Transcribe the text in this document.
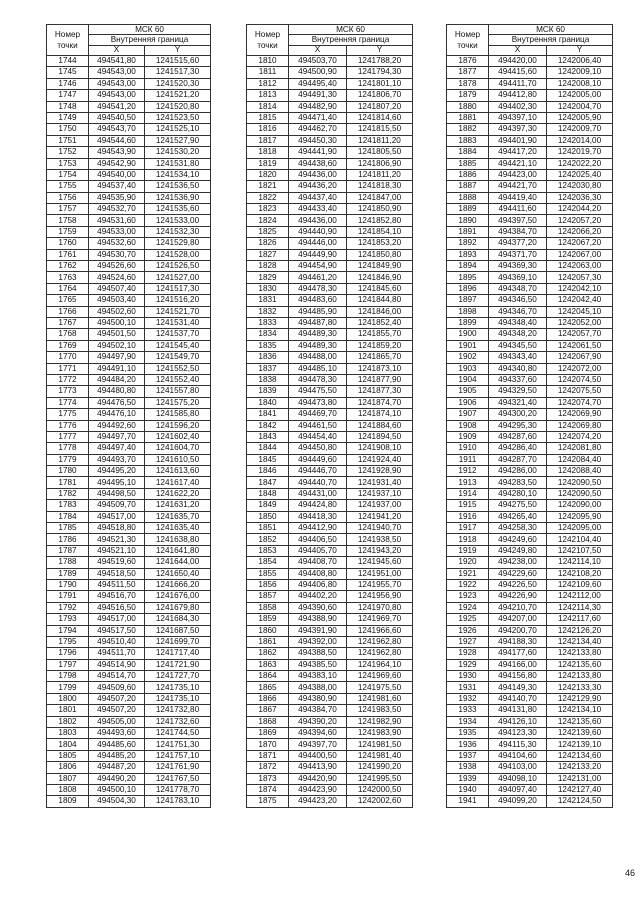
Номер
точки	МСК 60	
	Внутренняя граница	
	X	Y
1744	494541,80	1241515,60
1745	494543,00	1241517,30
1746	494543,00	1241520,30
1747	494543,00	1241521,20
1748	494541,20	1241520,80
1749	494540,50	1241523,50
1750	494543,70	1241525,10
1751	494544,60	1241527,90
1752	494543,90	1241530,20
1753	494542,90	1241531,80
1754	494540,00	1241534,10
1755	494537,40	1241536,50
1756	494535,90	1241536,90
1757	494532,70	1241535,60
1758	494531,60	1241533,00
1759	494533,00	1241532,30
1760	494532,60	1241529,80
1761	494530,70	1241528,00
1762	494526,60	1241526,50
1763	494524,60	1241527,00
1764	494507,40	1241517,30
1765	494503,40	1241516,20
1766	494502,60	1241521,70
1767	494500,10	1241531,40
1768	494501,50	1241537,70
1769	494502,10	1241545,40
1770	494497,90	1241549,70
1771	494491,10	1241552,50
1772	494484,20	1241552,40
1773	494480,80	1241557,80
1774	494476,50	1241575,20
1775	494476,10	1241585,80
1776	494492,60	1241596,20
1777	494497,70	1241602,40
1778	494497,40	1241604,70
1779	494493,70	1241610,50
1780	494495,20	1241613,60
1781	494495,10	1241617,40
1782	494498,50	1241622,20
1783	494509,70	1241631,20
1784	494517,00	1241635,70
1785	494518,80	1241635,40
1786	494521,30	1241638,80
1787	494521,10	1241641,80
1788	494519,60	1241644,00
1789	494518,50	1241650,40
1790	494511,50	1241666,20
1791	494516,70	1241676,00
1792	494516,50	1241679,80
1793	494517,00	1241684,30
1794	494517,50	1241687,50
1795	494510,40	1241699,70
1796	494511,70	1241717,40
1797	494514,90	1241721,90
1798	494514,70	1241727,70
1799	494509,60	1241735,10
1800	494507,20	1241735,10
1801	494507,20	1241732,80
1802	494505,00	1241732,60
1803	494493,60	1241744,50
1804	494485,60	1241751,30
1805	494485,20	1241757,10
1806	494487,20	1241761,90
1807	494490,20	1241767,50
1808	494500,10	1241778,70
1809	494504,30	1241783,10
Номер
точки	МСК 60	
	Внутренняя граница	
	X	Y
1810	494503,70	1241788,20
1811	494500,90	1241794,30
1812	494495,40	1241801,10
1813	494491,30	1241806,70
1814	494482,90	1241807,20
1815	494471,40	1241814,60
1816	494462,70	1241815,50
1817	494450,30	1241811,20
1818	494441,90	1241805,50
1819	494438,60	1241806,90
1820	494436,00	1241811,20
1821	494436,20	1241818,30
1822	494437,40	1241847,00
1823	494433,40	1241850,90
1824	494436,00	1241852,80
1825	494440,90	1241854,10
1826	494446,00	1241853,20
1827	494449,90	1241850,80
1828	494454,90	1241849,90
1829	494461,20	1241846,90
1830	494478,30	1241845,60
1831	494483,60	1241844,80
1832	494485,90	1241846,00
1833	494487,80	1241852,40
1834	494489,30	1241855,70
1835	494489,30	1241859,20
1836	494488,00	1241865,70
1837	494485,10	1241873,10
1838	494478,30	1241877,90
1839	494475,50	1241877,30
1840	494473,80	1241874,70
1841	494469,70	1241874,10
1842	494461,50	1241884,60
1843	494454,40	1241894,50
1844	494450,80	1241908,10
1845	494449,60	1241924,40
1846	494446,70	1241928,90
1847	494440,70	1241931,40
1848	494431,00	1241937,10
1849	494424,80	1241937,00
1850	494418,30	1241941,20
1851	494412,90	1241940,70
1852	494406,50	1241938,50
1853	494405,70	1241943,20
1854	494408,70	1241945,60
1855	494408,80	1241951,00
1856	494406,80	1241955,70
1857	494402,20	1241956,90
1858	494390,60	1241970,80
1859	494388,90	1241969,70
1860	494391,90	1241966,60
1861	494392,00	1241962,80
1862	494388,50	1241962,80
1863	494385,50	1241964,10
1864	494383,10	1241969,60
1865	494388,00	1241975,50
1866	494380,90	1241981,60
1867	494384,70	1241983,50
1868	494390,20	1241982,90
1869	494394,60	1241983,90
1870	494397,70	1241981,50
1871	494400,50	1241981,40
1872	494413,90	1241990,20
1873	494420,90	1241995,50
1874	494423,90	1242000,50
1875	494423,20	1242002,60
Номер
точки	МСК 60	
	Внутренняя граница	
	X	Y
1876	494420,00	1242006,40
1877	494415,60	1242009,10
1878	494411,70	1242008,10
1879	494412,80	1242005,00
1880	494402,30	1242004,70
1881	494397,10	1242005,90
1882	494397,30	1242009,70
1883	494401,90	1242014,00
1884	494417,20	1242019,70
1885	494421,10	1242022,20
1886	494423,00	1242025,40
1887	494421,70	1242030,80
1888	494419,40	1242036,30
1889	494411,60	1242044,20
1890	494397,50	1242057,20
1891	494384,70	1242066,20
1892	494377,20	1242067,20
1893	494371,70	1242067,00
1894	494369,30	1242063,00
1895	494369,10	1242057,30
1896	494348,70	1242042,10
1897	494346,50	1242042,40
1898	494346,70	1242045,10
1899	494348,40	1242052,00
1900	494348,20	1242057,70
1901	494345,50	1242061,50
1902	494343,40	1242067,90
1903	494340,80	1242072,00
1904	494337,60	1242074,50
1905	494329,50	1242075,50
1906	494321,40	1242074,70
1907	494300,20	1242069,90
1908	494295,30	1242069,80
1909	494287,60	1242074,20
1910	494286,40	1242081,80
1911	494287,70	1242084,40
1912	494286,00	1242088,40
1913	494283,50	1242090,50
1914	494280,10	1242090,50
1915	494275,50	1242090,00
1916	494265,40	1242095,90
1917	494258,30	1242095,00
1918	494249,60	1242104,40
1919	494249,80	1242107,50
1920	494238,00	1242114,10
1921	494229,60	1242108,20
1922	494226,50	1242109,60
1923	494226,90	1242112,00
1924	494210,70	1242114,30
1925	494207,00	1242117,60
1926	494200,70	1242126,20
1927	494188,30	1242134,40
1928	494177,60	1242133,80
1929	494166,00	1242135,60
1930	494156,80	1242133,80
1931	494149,30	1242133,30
1932	494140,70	1242129,90
1933	494131,80	1242134,10
1934	494126,10	1242135,60
1935	494123,30	1242139,60
1936	494115,30	1242139,10
1937	494104,60	1242134,60
1938	494103,00	1242133,20
1939	494098,10	1242131,00
1940	494097,40	1242127,40
1941	494099,20	1242124,50
46
